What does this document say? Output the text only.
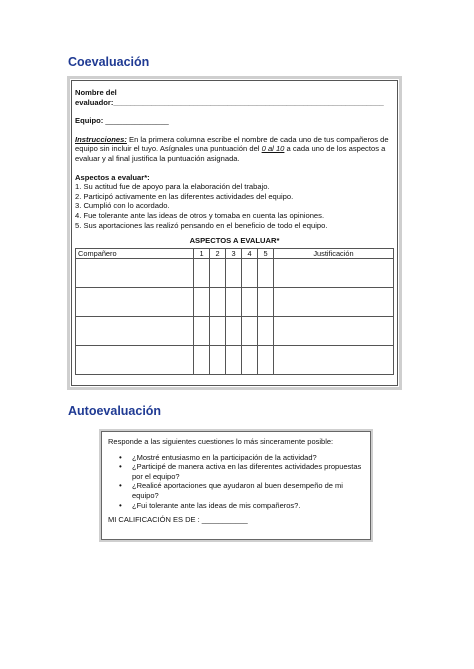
Coevaluación
Nombre del
evaluador:________________________________________________________________
Equipo: _______________
Instrucciones: En la primera columna escribe el nombre de cada uno de tus compañeros de
equipo sin incluir el tuyo. Asígnales una puntuación del 0 al 10 a cada uno de los aspectos a
evaluar y al final justifica la puntuación asignada.
Aspectos a evaluar*:
1. Su actitud fue de apoyo para la elaboración del trabajo.
2. Participó activamente en las diferentes actividades del equipo.
3. Cumplió con lo acordado.
4. Fue tolerante ante las ideas de otros y tomaba en cuenta las opiniones.
5. Sus aportaciones las realizó pensando en el beneficio de todo el equipo.
ASPECTOS A EVALUAR*
Compañero	1	2	3	4	5	Justificación

Autoevaluación
Responde a las siguientes cuestiones lo más sinceramente posible:
• ¿Mostré entusiasmo en la participación de la actividad?
• ¿Participé de manera activa en las diferentes actividades propuestas por el equipo?
• ¿Realicé aportaciones que ayudaron al buen desempeño de mi equipo?
• ¿Fui tolerante ante las ideas de mis compañeros?.
MI CALIFICACIÓN ES DE : ___________
